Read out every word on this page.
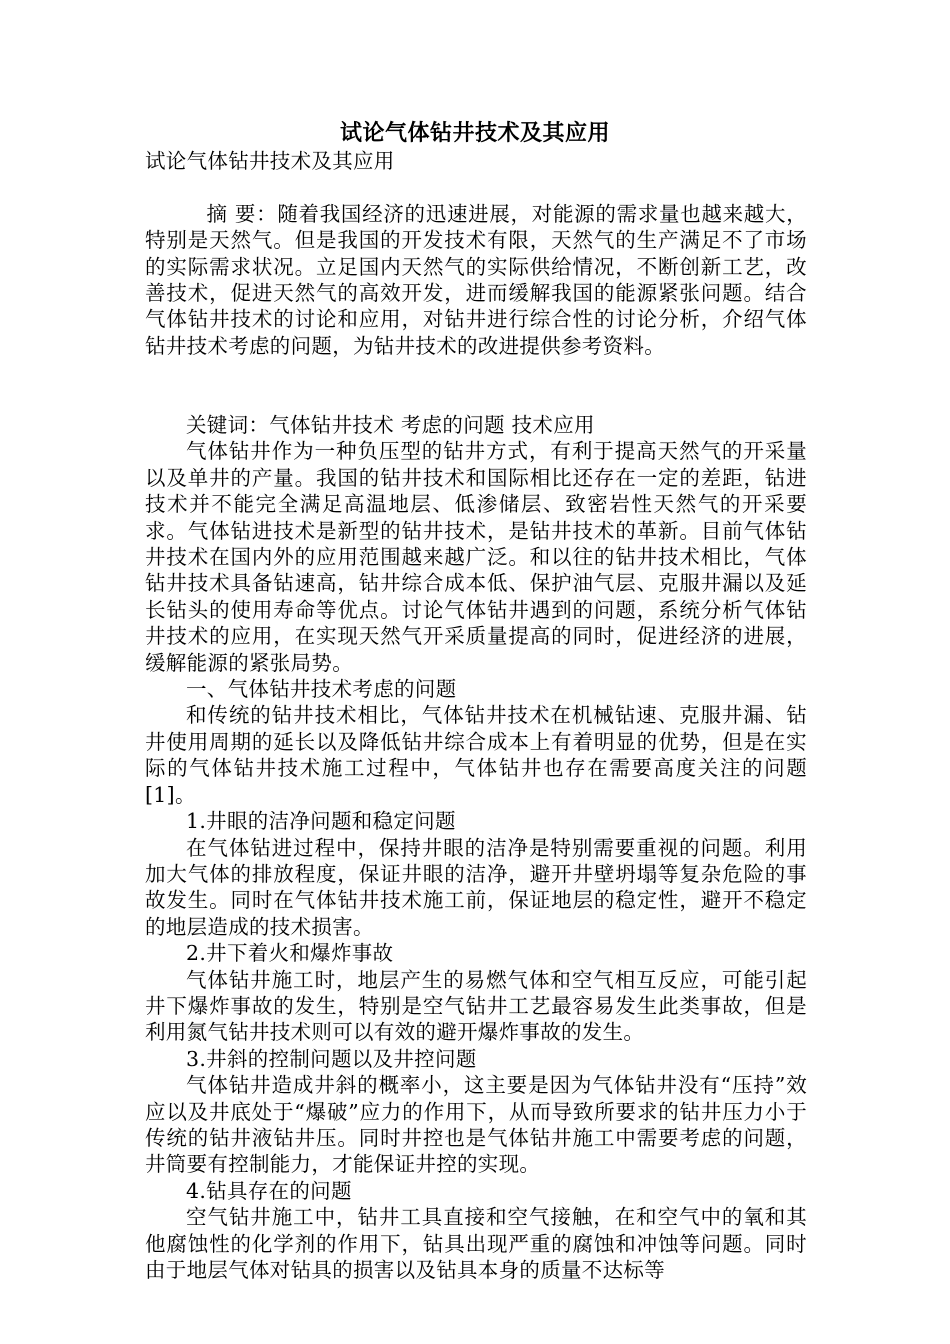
试论气体钻井技术及其应用

试论气体钻井技术及其应用

摘 要：随着我国经济的迅速进展，对能源的需求量也越来越大，特别是天然气。但是我国的开发技术有限，天然气的生产满足不了市场的实际需求状况。立足国内天然气的实际供给情况，不断创新工艺，改善技术，促进天然气的高效开发，进而缓解我国的能源紧张问题。结合气体钻井技术的讨论和应用，对钻井进行综合性的讨论分析，介绍气体钻井技术考虑的问题，为钻井技术的改进提供参考资料。

关键词：气体钻井技术 考虑的问题 技术应用

气体钻井作为一种负压型的钻井方式，有利于提高天然气的开采量以及单井的产量。我国的钻井技术和国际相比还存在一定的差距，钻进技术并不能完全满足高温地层、低渗储层、致密岩性天然气的开采要求。气体钻进技术是新型的钻井技术，是钻井技术的革新。目前气体钻井技术在国内外的应用范围越来越广泛。和以往的钻井技术相比，气体钻井技术具备钻速高，钻井综合成本低、保护油气层、克服井漏以及延长钻头的使用寿命等优点。讨论气体钻井遇到的问题，系统分析气体钻井技术的应用，在实现天然气开采质量提高的同时，促进经济的进展，缓解能源的紧张局势。

一、气体钻井技术考虑的问题

和传统的钻井技术相比，气体钻井技术在机械钻速、克服井漏、钻井使用周期的延长以及降低钻井综合成本上有着明显的优势，但是在实际的气体钻井技术施工过程中，气体钻井也存在需要高度关注的问题[1]。

1.井眼的洁净问题和稳定问题

在气体钻进过程中，保持井眼的洁净是特别需要重视的问题。利用加大气体的排放程度，保证井眼的洁净，避开井壁坍塌等复杂危险的事故发生。同时在气体钻井技术施工前，保证地层的稳定性，避开不稳定的地层造成的技术损害。

2.井下着火和爆炸事故

气体钻井施工时，地层产生的易燃气体和空气相互反应，可能引起井下爆炸事故的发生，特别是空气钻井工艺最容易发生此类事故，但是利用氮气钻井技术则可以有效的避开爆炸事故的发生。

3.井斜的控制问题以及井控问题

气体钻井造成井斜的概率小，这主要是因为气体钻井没有“压持”效应以及井底处于“爆破”应力的作用下，从而导致所要求的钻井压力小于传统的钻井液钻井压。同时井控也是气体钻井施工中需要考虑的问题，井筒要有控制能力，才能保证井控的实现。

4.钻具存在的问题

空气钻井施工中，钻井工具直接和空气接触，在和空气中的氧和其他腐蚀性的化学剂的作用下，钻具出现严重的腐蚀和冲蚀等问题。同时由于地层气体对钻具的损害以及钻具本身的质量不达标等
